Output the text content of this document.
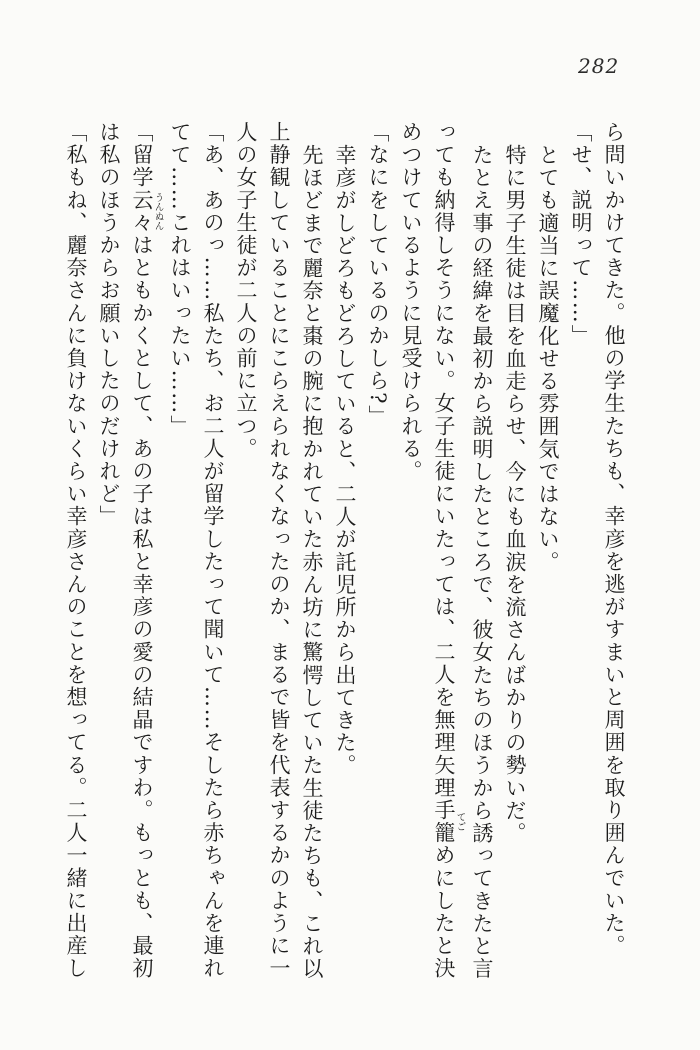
282
ら問いかけてきた。他の学生たちも、幸彦を逃がすまいと周囲を取り囲んでいた。
「せ、説明って……」
とても適当に誤魔化せる雰囲気ではない。
特に男子生徒は目を血走らせ、今にも血涙を流さんばかりの勢いだ。
たとえ事の経緯を最初から説明したところで、彼女たちのほうから誘ってきたと言
っても納得しそうにない。女子生徒にいたっては、二人を無理矢理手籠てごめにしたと決
めつけているように見受けられる。
「なにをしているのかしら?」
幸彦がしどろもどろしていると、二人が託児所から出てきた。
先ほどまで麗奈と棗の腕に抱かれていた赤ん坊に驚愕していた生徒たちも、これ以
上静観していることにこらえられなくなったのか、まるで皆を代表するかのように一
人の女子生徒が二人の前に立つ。
「あ、あのっ……私たち、お二人が留学したって聞いて……そしたら赤ちゃんを連れ
てて……これはいったい……」
「留学云々うんぬんはともかくとして、あの子は私と幸彦の愛の結晶ですわ。もっとも、最初
は私のほうからお願いしたのだけれど」
「私もね、麗奈さんに負けないくらい幸彦さんのことを想ってる。二人一緒に出産し
